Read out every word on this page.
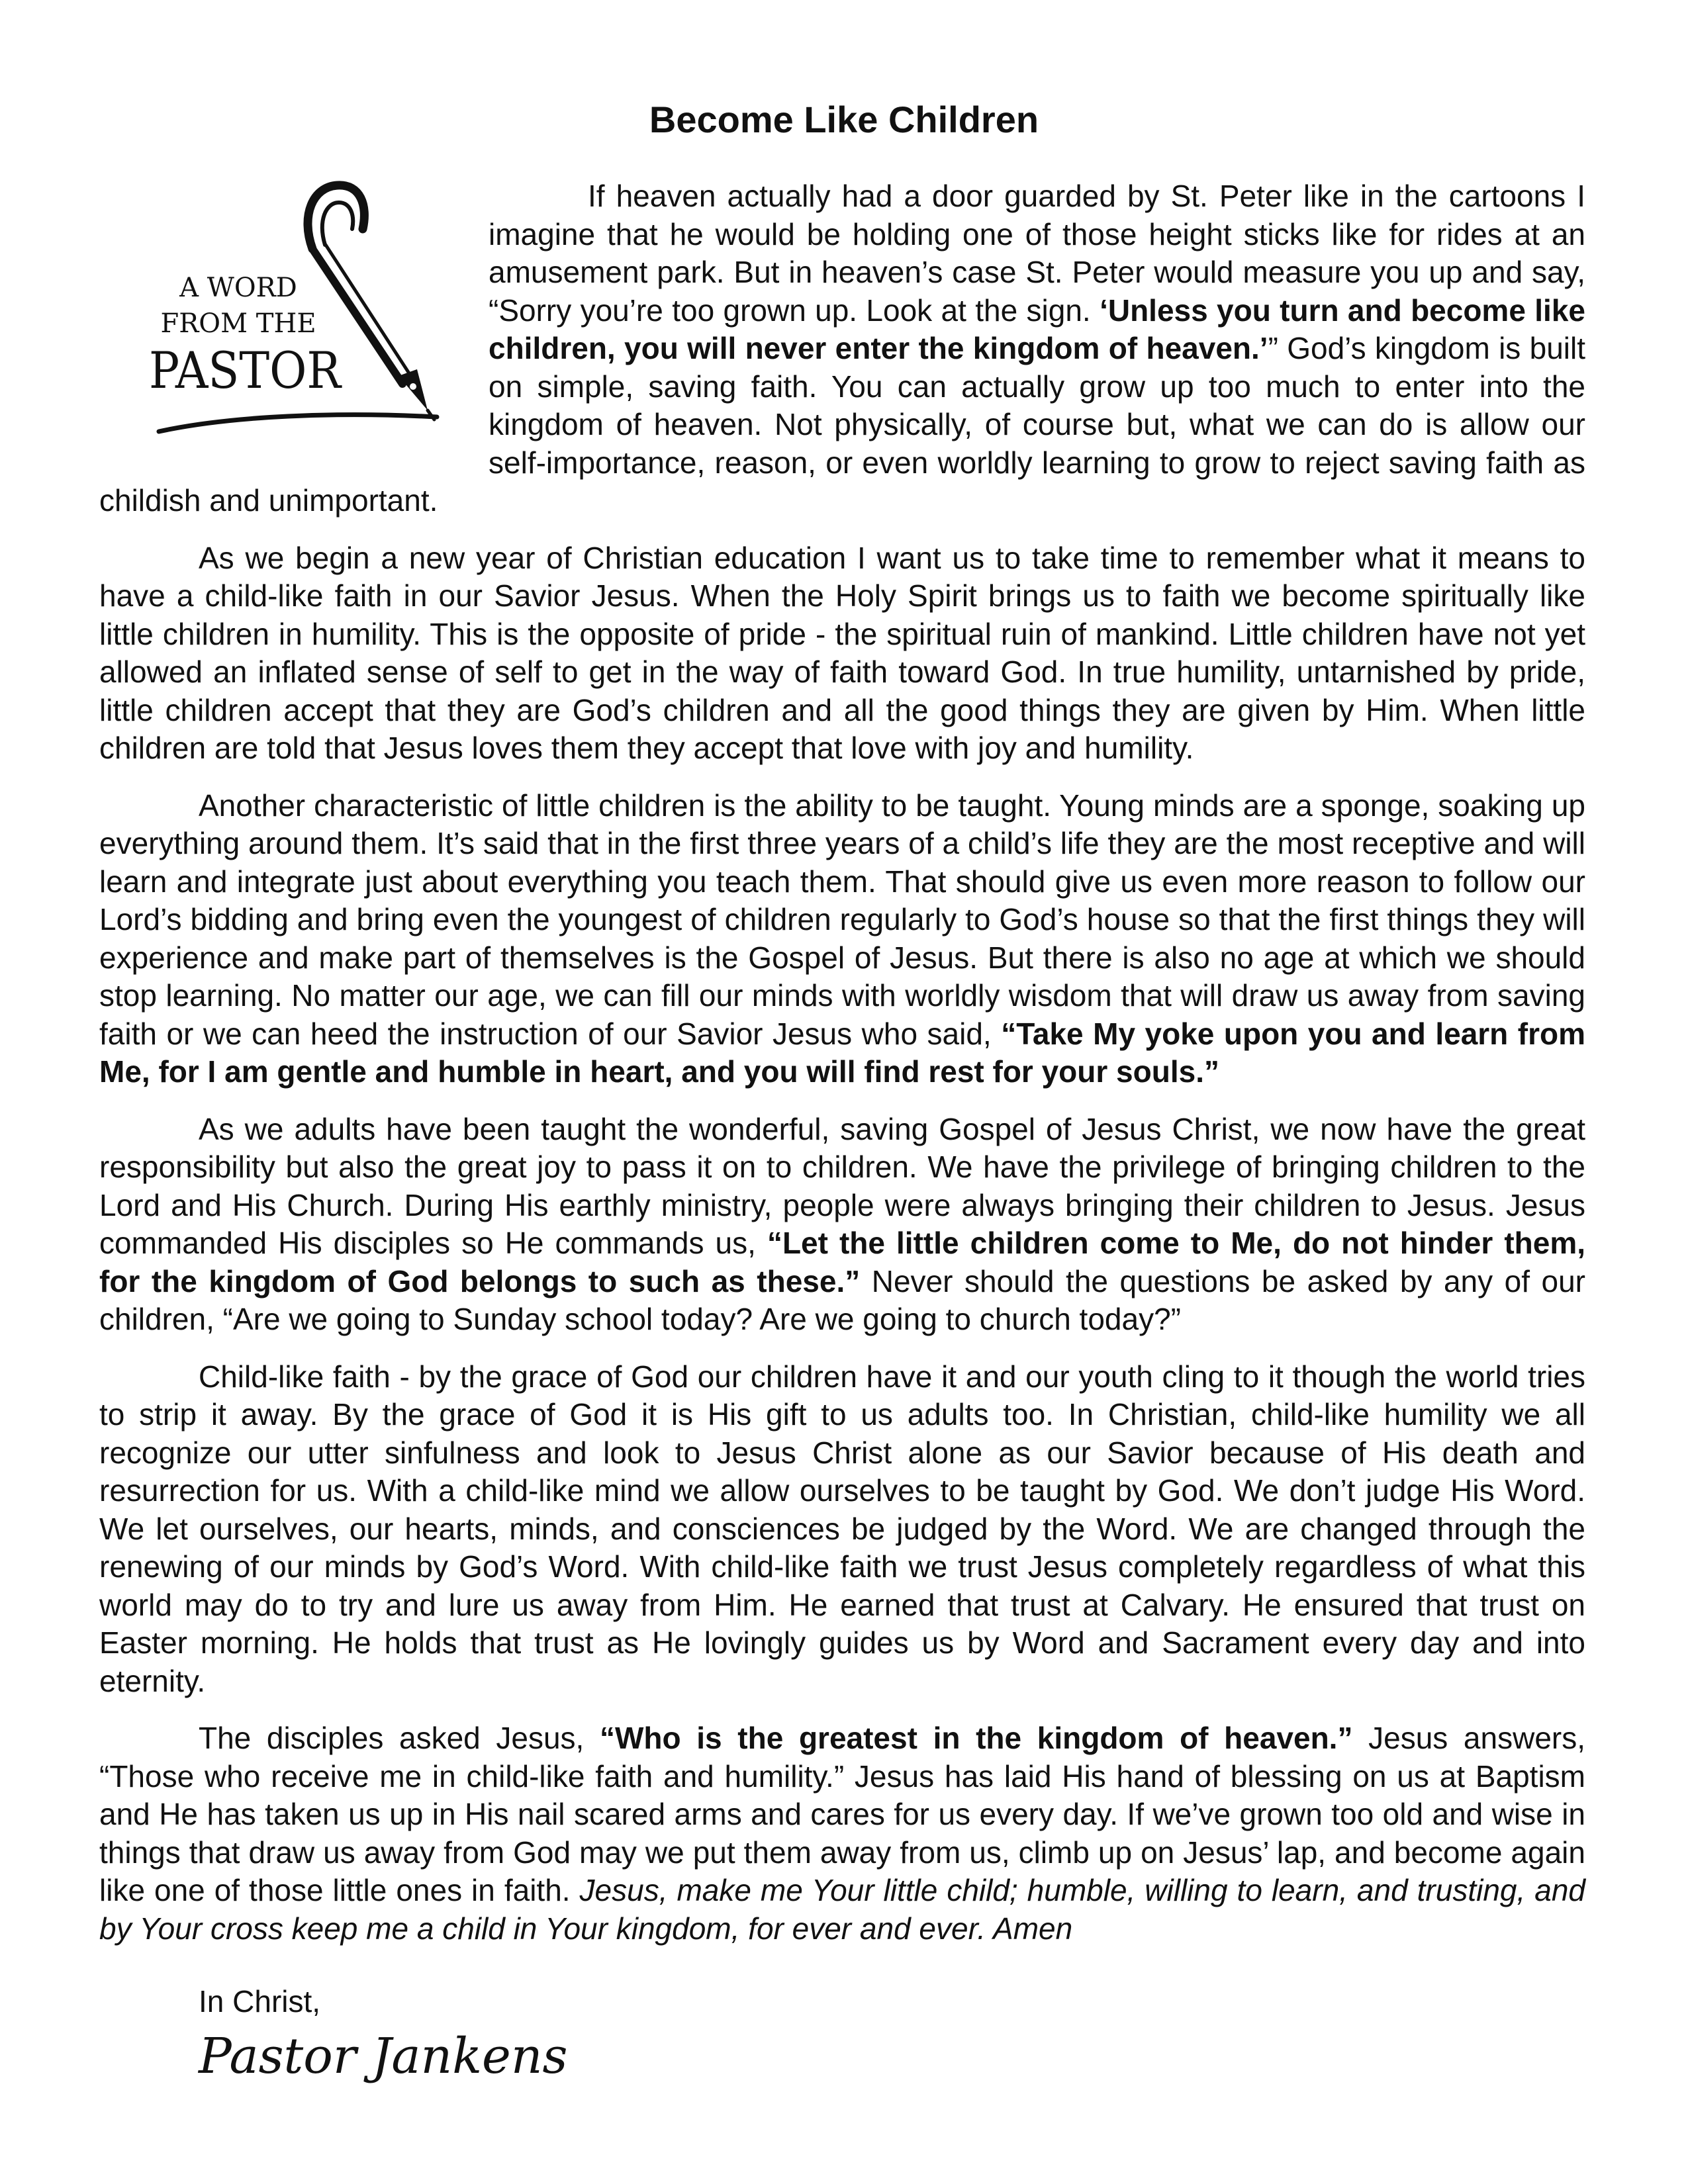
Become Like Children
A WORD
FROM THE
PASTOR

If heaven actually had a door guarded by St. Peter like in the cartoons I imagine that he would be holding one of those height sticks like for rides at an amusement park. But in heaven’s case St. Peter would measure you up and say, “Sorry you’re too grown up. Look at the sign. ‘Unless you turn and become like children, you will never enter the kingdom of heaven.’” God’s kingdom is built on simple, saving faith. You can actually grow up too much to enter into the kingdom of heaven. Not physically, of course but, what we can do is allow our self-importance, reason, or even worldly learning to grow to reject saving faith as childish and unimportant.

As we begin a new year of Christian education I want us to take time to remember what it means to have a child-like faith in our Savior Jesus. When the Holy Spirit brings us to faith we become spiritually like little children in humility. This is the opposite of pride - the spiritual ruin of mankind. Little children have not yet allowed an inflated sense of self to get in the way of faith toward God. In true humility, untarnished by pride, little children accept that they are God’s children and all the good things they are given by Him. When little children are told that Jesus loves them they accept that love with joy and humility.

Another characteristic of little children is the ability to be taught. Young minds are a sponge, soaking up everything around them. It’s said that in the first three years of a child’s life they are the most receptive and will learn and integrate just about everything you teach them. That should give us even more reason to follow our Lord’s bidding and bring even the youngest of children regularly to God’s house so that the first things they will experience and make part of themselves is the Gospel of Jesus. But there is also no age at which we should stop learning. No matter our age, we can fill our minds with worldly wisdom that will draw us away from saving faith or we can heed the instruction of our Savior Jesus who said, “Take My yoke upon you and learn from Me, for I am gentle and humble in heart, and you will find rest for your souls.”

As we adults have been taught the wonderful, saving Gospel of Jesus Christ, we now have the great responsibility but also the great joy to pass it on to children. We have the privilege of bringing children to the Lord and His Church. During His earthly ministry, people were always bringing their children to Jesus. Jesus commanded His disciples so He commands us, “Let the little children come to Me, do not hinder them, for the kingdom of God belongs to such as these.” Never should the questions be asked by any of our children, “Are we going to Sunday school today? Are we going to church today?”

Child-like faith - by the grace of God our children have it and our youth cling to it though the world tries to strip it away. By the grace of God it is His gift to us adults too. In Christian, child-like humility we all recognize our utter sinfulness and look to Jesus Christ alone as our Savior because of His death and resurrection for us. With a child-like mind we allow ourselves to be taught by God. We don’t judge His Word. We let ourselves, our hearts, minds, and consciences be judged by the Word. We are changed through the renewing of our minds by God’s Word. With child-like faith we trust Jesus completely regardless of what this world may do to try and lure us away from Him. He earned that trust at Calvary. He ensured that trust on Easter morning. He holds that trust as He lovingly guides us by Word and Sacrament every day and into eternity.

The disciples asked Jesus, “Who is the greatest in the kingdom of heaven.” Jesus answers, “Those who receive me in child-like faith and humility.” Jesus has laid His hand of blessing on us at Baptism and He has taken us up in His nail scared arms and cares for us every day. If we’ve grown too old and wise in things that draw us away from God may we put them away from us, climb up on Jesus’ lap, and become again like one of those little ones in faith. Jesus, make me Your little child; humble, willing to learn, and trusting, and by Your cross keep me a child in Your kingdom, for ever and ever. Amen

In Christ,
Pastor Jankens
